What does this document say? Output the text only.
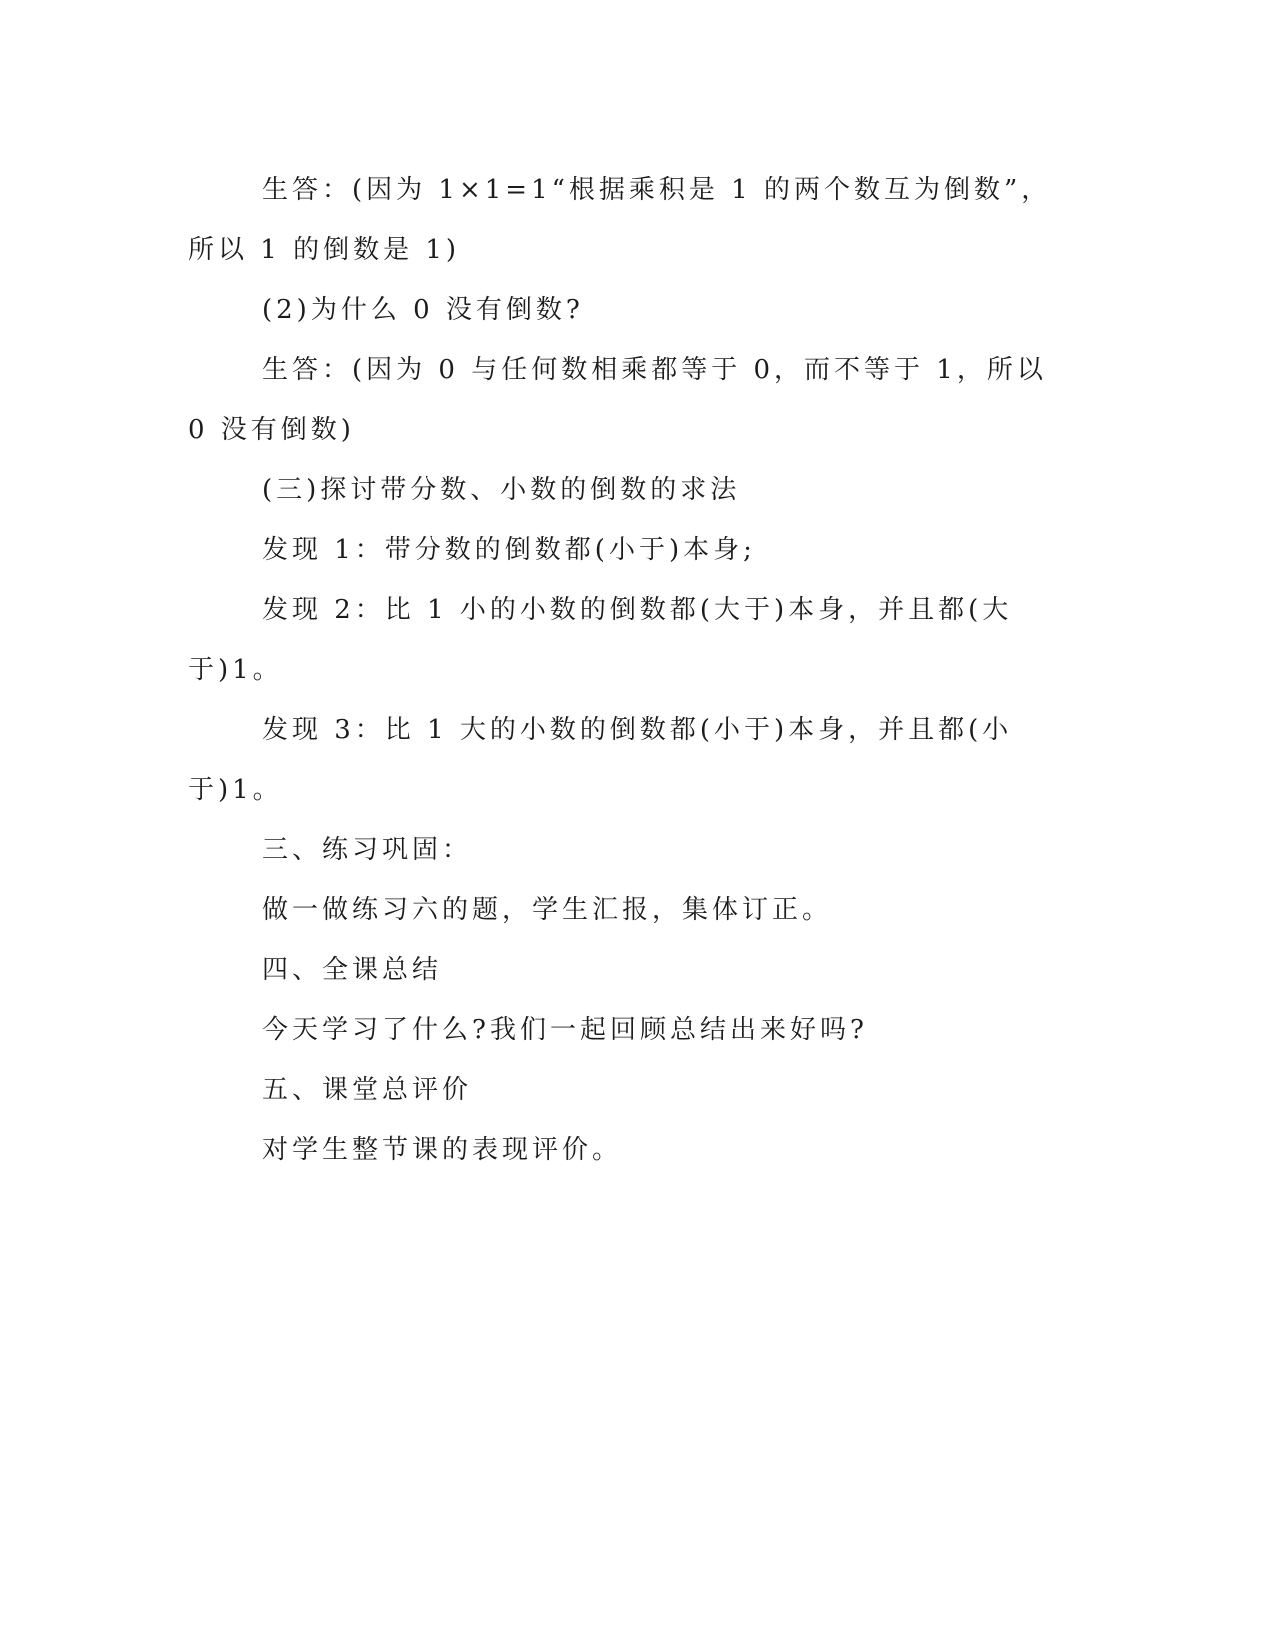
生答：(因为 1×1=1“根据乘积是 1 的两个数互为倒数”，所以 1 的倒数是 1)

(2)为什么 0 没有倒数?

生答：(因为 0 与任何数相乘都等于 0，而不等于 1，所以 0 没有倒数)

(三)探讨带分数、小数的倒数的求法

发现 1：带分数的倒数都(小于)本身;

发现 2：比 1 小的小数的倒数都(大于)本身，并且都(大于)1。

发现 3：比 1 大的小数的倒数都(小于)本身，并且都(小于)1。

三、练习巩固：

做一做练习六的题，学生汇报，集体订正。

四、全课总结

今天学习了什么?我们一起回顾总结出来好吗?

五、课堂总评价

对学生整节课的表现评价。
